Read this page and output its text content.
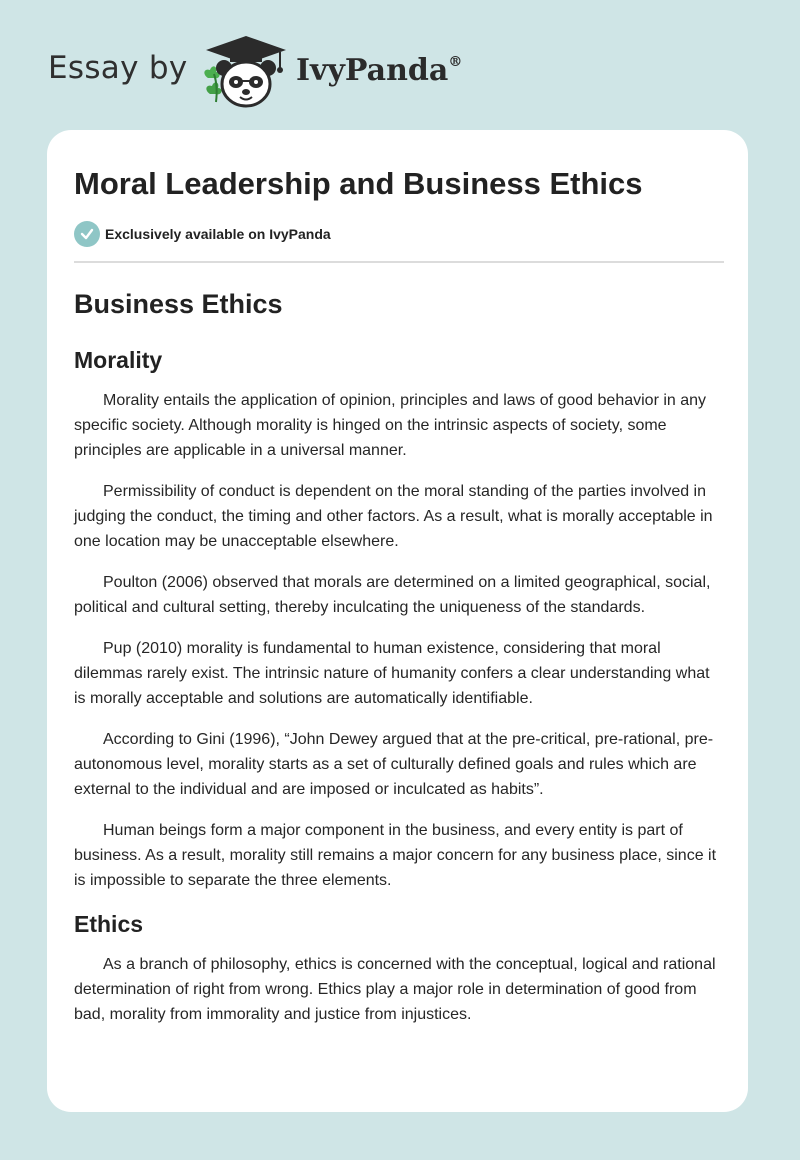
Essay by	IvyPanda®
Moral Leadership and Business Ethics
Exclusively available on IvyPanda
Business Ethics
Morality

Morality entails the application of opinion, principles and laws of good behavior in any specific society. Although morality is hinged on the intrinsic aspects of society, some principles are applicable in a universal manner.

Permissibility of conduct is dependent on the moral standing of the parties involved in judging the conduct, the timing and other factors. As a result, what is morally acceptable in one location may be unacceptable elsewhere.

Poulton (2006) observed that morals are determined on a limited geographical, social, political and cultural setting, thereby inculcating the uniqueness of the standards.

Pup (2010) morality is fundamental to human existence, considering that moral dilemmas rarely exist. The intrinsic nature of humanity confers a clear understanding what is morally acceptable and solutions are automatically identifiable.

According to Gini (1996), “John Dewey argued that at the pre-critical, pre-rational, pre-autonomous level, morality starts as a set of culturally defined goals and rules which are external to the individual and are imposed or inculcated as habits”.

Human beings form a major component in the business, and every entity is part of business. As a result, morality still remains a major concern for any business place, since it is impossible to separate the three elements.

Ethics

As a branch of philosophy, ethics is concerned with the conceptual, logical and rational determination of right from wrong. Ethics play a major role in determination of good from bad, morality from immorality and justice from injustices.
